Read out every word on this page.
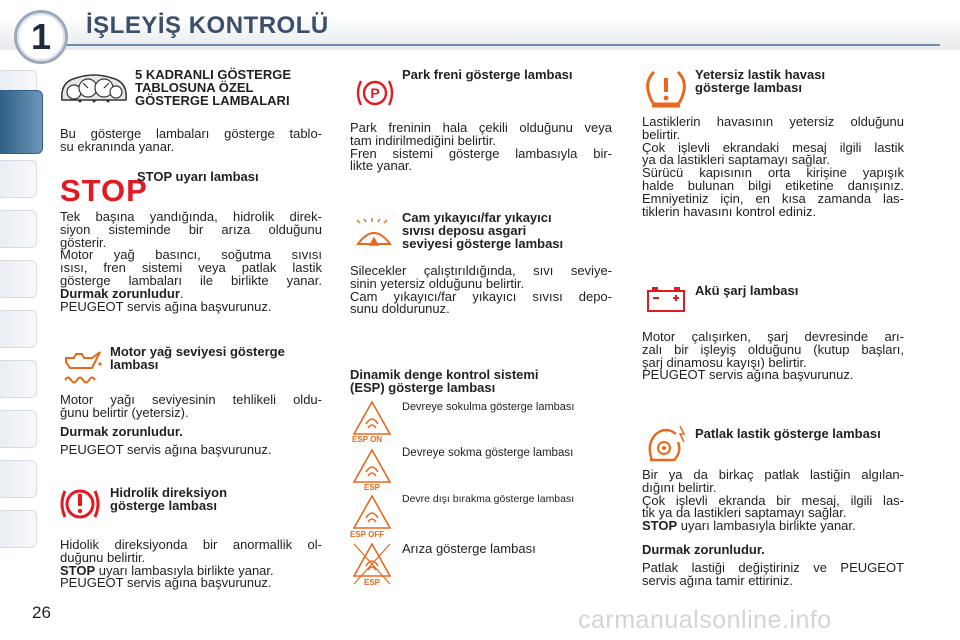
1	İŞLEYİŞ KONTROLÜ
5 KADRANLI GÖSTERGE
TABLOSUNA ÖZEL
GÖSTERGE LAMBALARI
Bu gösterge lambaları gösterge tablo-
su ekranında yanar.
STOP
STOP uyarı lambası
Tek başına yandığında, hidrolik direk-
siyon sisteminde bir arıza olduğunu
gösterir.
Motor yağ basıncı, soğutma sıvısı
ısısı, fren sistemi veya patlak lastik
gösterge lambaları ile birlikte yanar.
Durmak zorunludur.
PEUGEOT servis ağına başvurunuz.
Motor yağ seviyesi gösterge
lambası
Motor yağı seviyesinin tehlikeli oldu-
ğunu belirtir (yetersiz).
Durmak zorunludur.
PEUGEOT servis ağına başvurunuz.
Hidrolik direksiyon
gösterge lambası
Hidolik direksiyonda bir anormallik ol-
duğunu belirtir.
STOP uyarı lambasıyla birlikte yanar.
PEUGEOT servis ağına başvurunuz.
P
Park freni gösterge lambası
Park freninin hala çekili olduğunu veya
tam indirilmediğini belirtir.
Fren sistemi gösterge lambasıyla bir-
likte yanar.
Cam yıkayıcı/far yıkayıcı
sıvısı deposu asgari
seviyesi gösterge lambası
Silecekler çalıştırıldığında, sıvı seviye-
sinin yetersiz olduğunu belirtir.
Cam yıkayıcı/far yıkayıcı sıvısı depo-
sunu doldurunuz.
Dinamik denge kontrol sistemi
(ESP) gösterge lambası
ESP ON
Devreye sokulma gösterge lambası
ESP
Devreye sokma gösterge lambası
ESP OFF
Devre dışı bırakma gösterge lambası
ESP
Arıza gösterge lambası
Yetersiz lastik havası
gösterge lambası
Lastiklerin havasının yetersiz olduğunu
belirtir.
Çok işlevli ekrandaki mesaj ilgili lastik
ya da lastikleri saptamayı sağlar.
Sürücü kapısının orta kirişine yapışık
halde bulunan bilgi etiketine danışınız.
Emniyetiniz için, en kısa zamanda las-
tiklerin havasını kontrol ediniz.
Akü şarj lambası
Motor çalışırken, şarj devresinde arı-
zalı bir işleyiş olduğunu (kutup başları,
şarj dinamosu kayışı) belirtir.
PEUGEOT servis ağına başvurunuz.
Patlak lastik gösterge lambası
Bir ya da birkaç patlak lastiğin algılan-
dığını belirtir.
Çok işlevli ekranda bir mesaj, ilgili las-
tik ya da lastikleri saptamayı sağlar.
STOP uyarı lambasıyla birlikte yanar.
Durmak zorunludur.
Patlak lastiği değiştiriniz ve PEUGEOT
servis ağına tamir ettiriniz.
26	carmanualsonline.info
